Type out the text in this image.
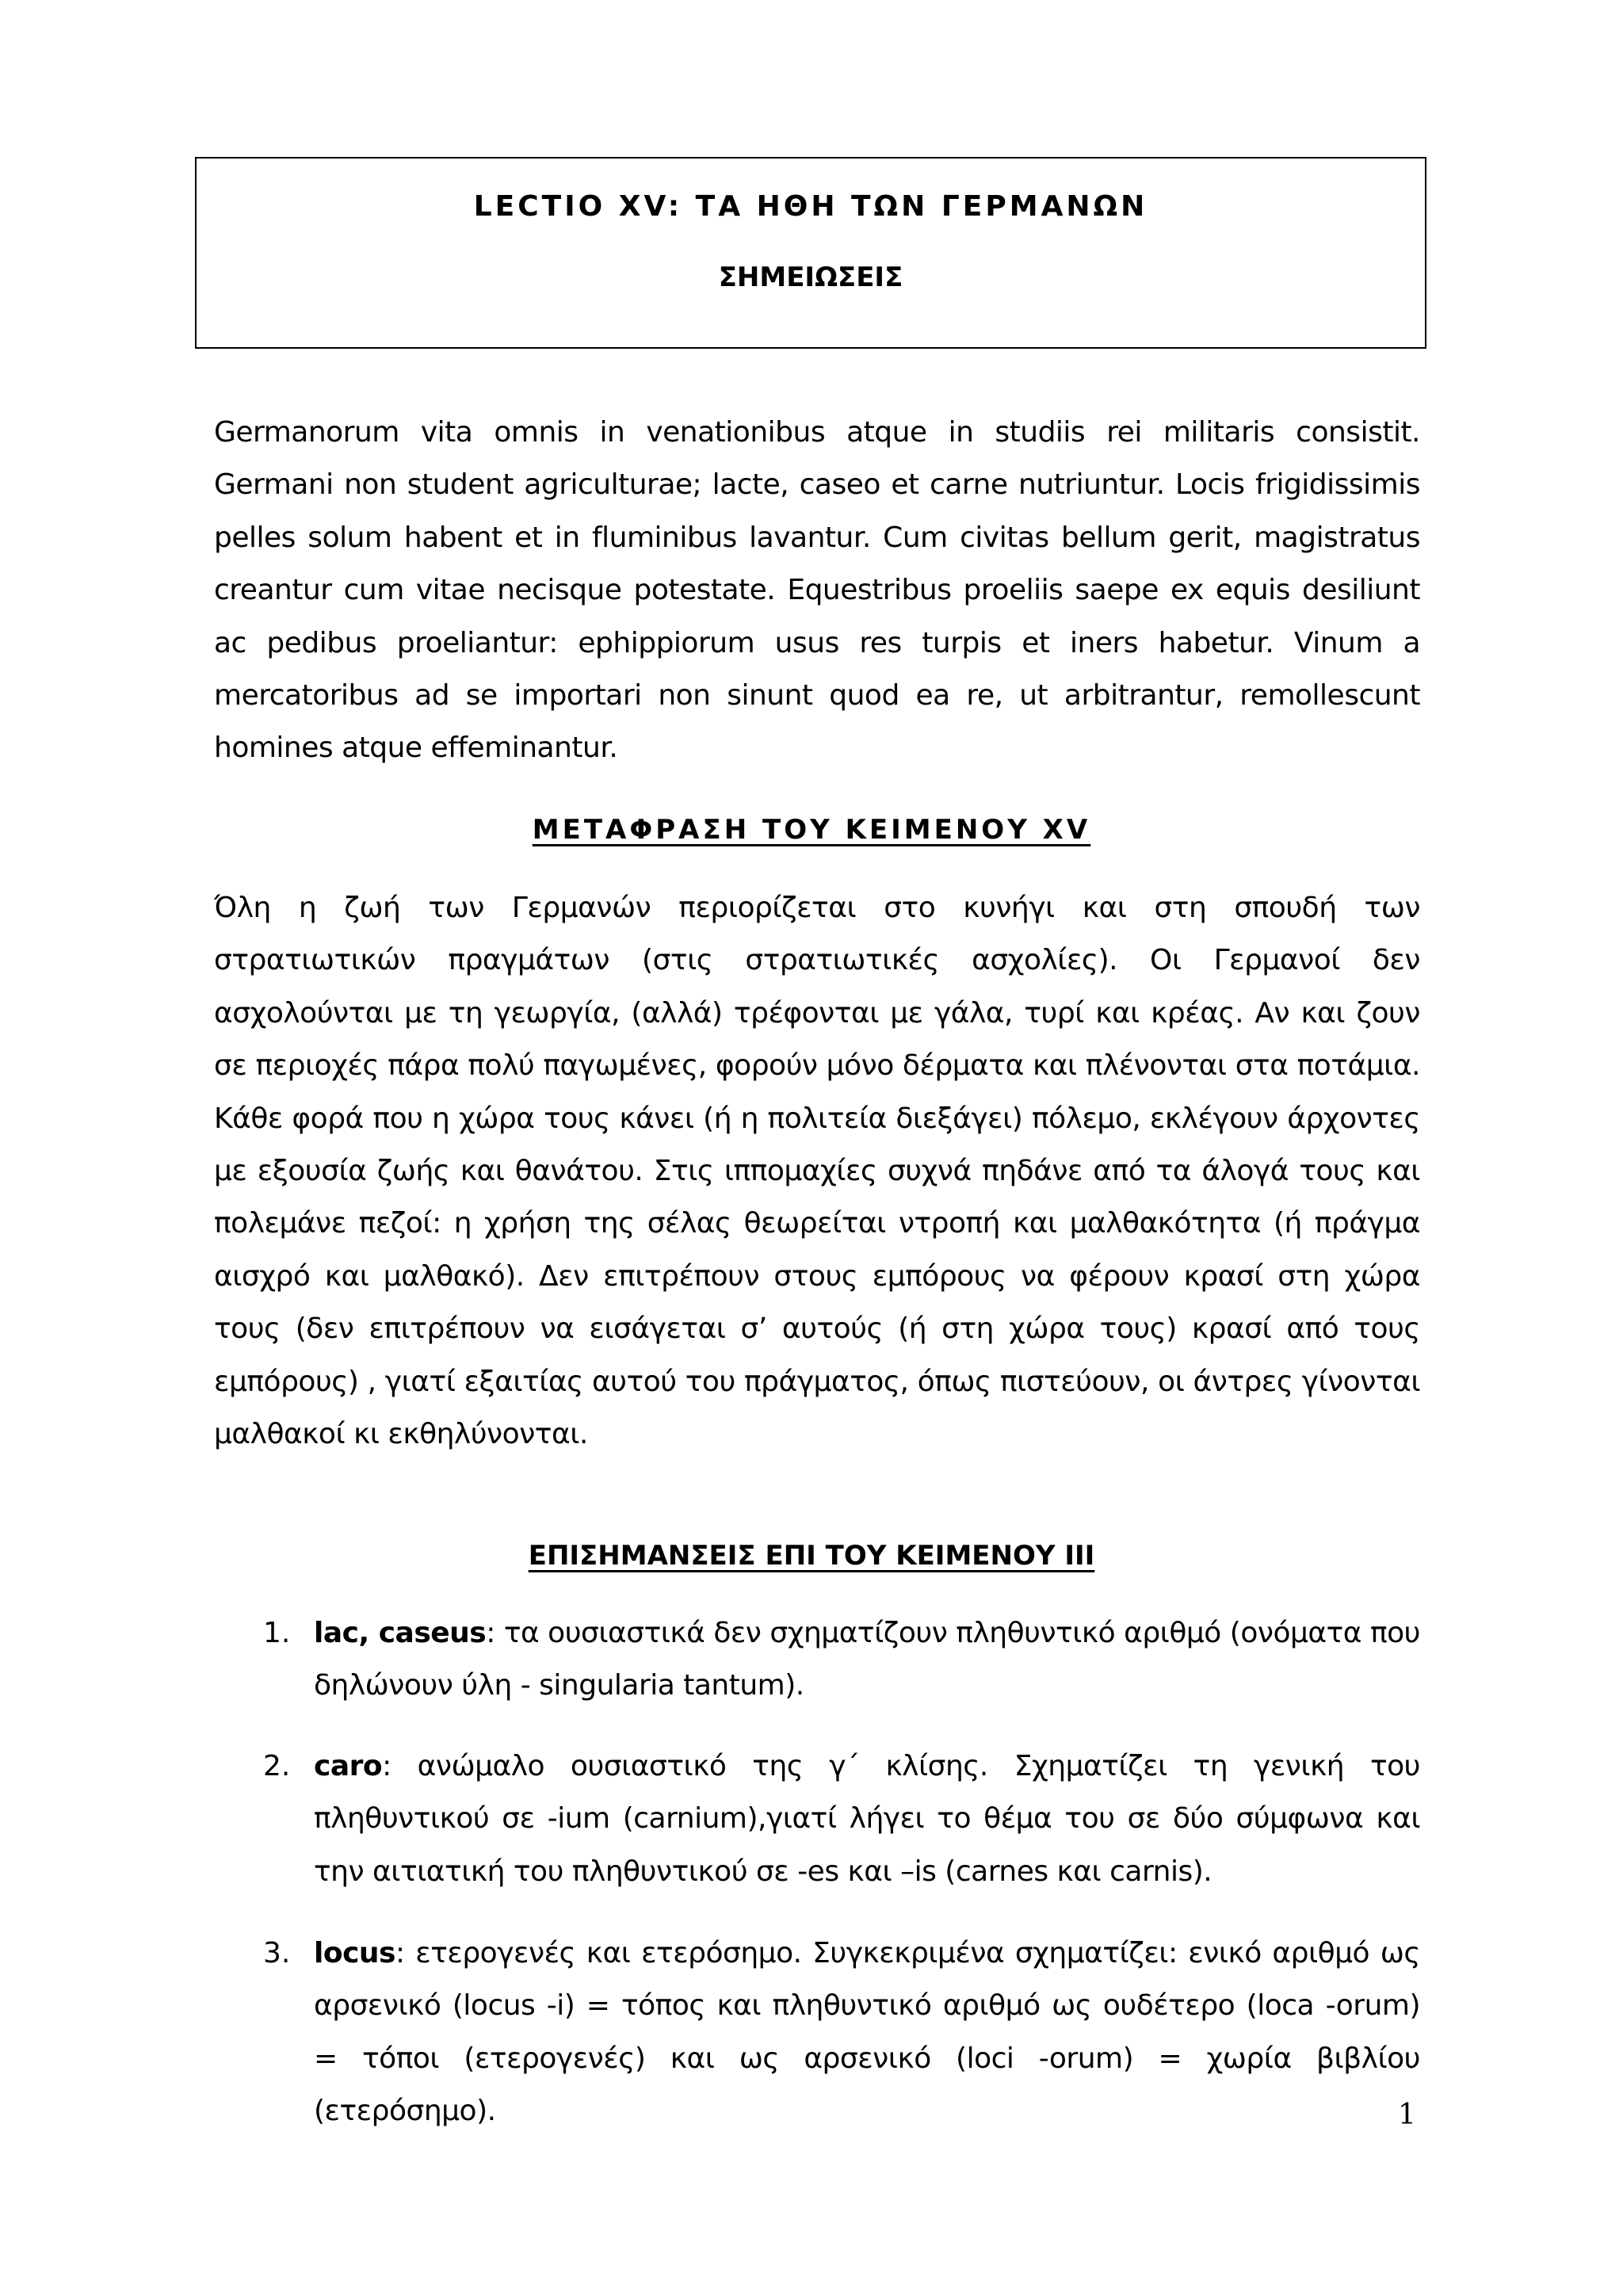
LECTIO XV: ΤΑ ΗΘΗ ΤΩΝ ΓΕΡΜΑΝΩΝ
ΣΗΜΕΙΩΣΕΙΣ

Germanorum vita omnis in venationibus atque in studiis rei militaris consistit. Germani non student agriculturae; lacte, caseo et carne nutriuntur. Locis frigidissimis pelles solum habent et in fluminibus lavantur. Cum civitas bellum gerit, magistratus creantur cum vitae necisque potestate. Equestribus proeliis saepe ex equis desiliunt ac pedibus proeliantur: ephippiorum usus res turpis et iners habetur. Vinum a mercatoribus ad se importari non sinunt quod ea re, ut arbitrantur, remollescunt homines atque effeminantur.

ΜΕΤΑΦΡΑΣΗ ΤΟΥ ΚΕΙΜΕΝΟΥ XV

Όλη η ζωή των Γερμανών περιορίζεται στο κυνήγι και στη σπουδή των στρατιωτικών πραγμάτων (στις στρατιωτικές ασχολίες). Οι Γερμανοί δεν ασχολούνται με τη γεωργία, (αλλά) τρέφονται με γάλα, τυρί και κρέας. Αν και ζουν σε περιοχές πάρα πολύ παγωμένες, φορούν μόνο δέρματα και πλένονται στα ποτάμια. Κάθε φορά που η χώρα τους κάνει (ή η πολιτεία διεξάγει) πόλεμο, εκλέγουν άρχοντες με εξουσία ζωής και θανάτου. Στις ιππομαχίες συχνά πηδάνε από τα άλογά τους και πολεμάνε πεζοί: η χρήση της σέλας θεωρείται ντροπή και μαλθακότητα (ή πράγμα αισχρό και μαλθακό). Δεν επιτρέπουν στους εμπόρους να φέρουν κρασί στη χώρα τους (δεν επιτρέπουν να εισάγεται σ’ αυτούς (ή στη χώρα τους) κρασί από τους εμπόρους) , γιατί εξαιτίας αυτού του πράγματος, όπως πιστεύουν, οι άντρες γίνονται μαλθακοί κι εκθηλύνονται.

ΕΠΙΣΗΜΑΝΣΕΙΣ ΕΠΙ ΤΟΥ ΚΕΙΜΕΝΟΥ ΙΙΙ
1. lac, caseus: τα ουσιαστικά δεν σχηματίζουν πληθυντικό αριθμό (ονόματα που δηλώνουν ύλη - singularia tantum).
2. caro: ανώμαλο ουσιαστικό της γ΄ κλίσης. Σχηματίζει τη γενική του πληθυντικού σε -ium (carnium),γιατί λήγει το θέμα του σε δύο σύμφωνα και την αιτιατική του πληθυντικού σε -es και –is (carnes και carnis).
3. locus: ετερογενές και ετερόσημο. Συγκεκριμένα σχηματίζει: ενικό αριθμό ως αρσενικό (locus -i) = τόπος και πληθυντικό αριθμό ως ουδέτερο (loca -orum) = τόποι (ετερογενές) και ως αρσενικό (loci -orum) = χωρία βιβλίου (ετερόσημο).	1
